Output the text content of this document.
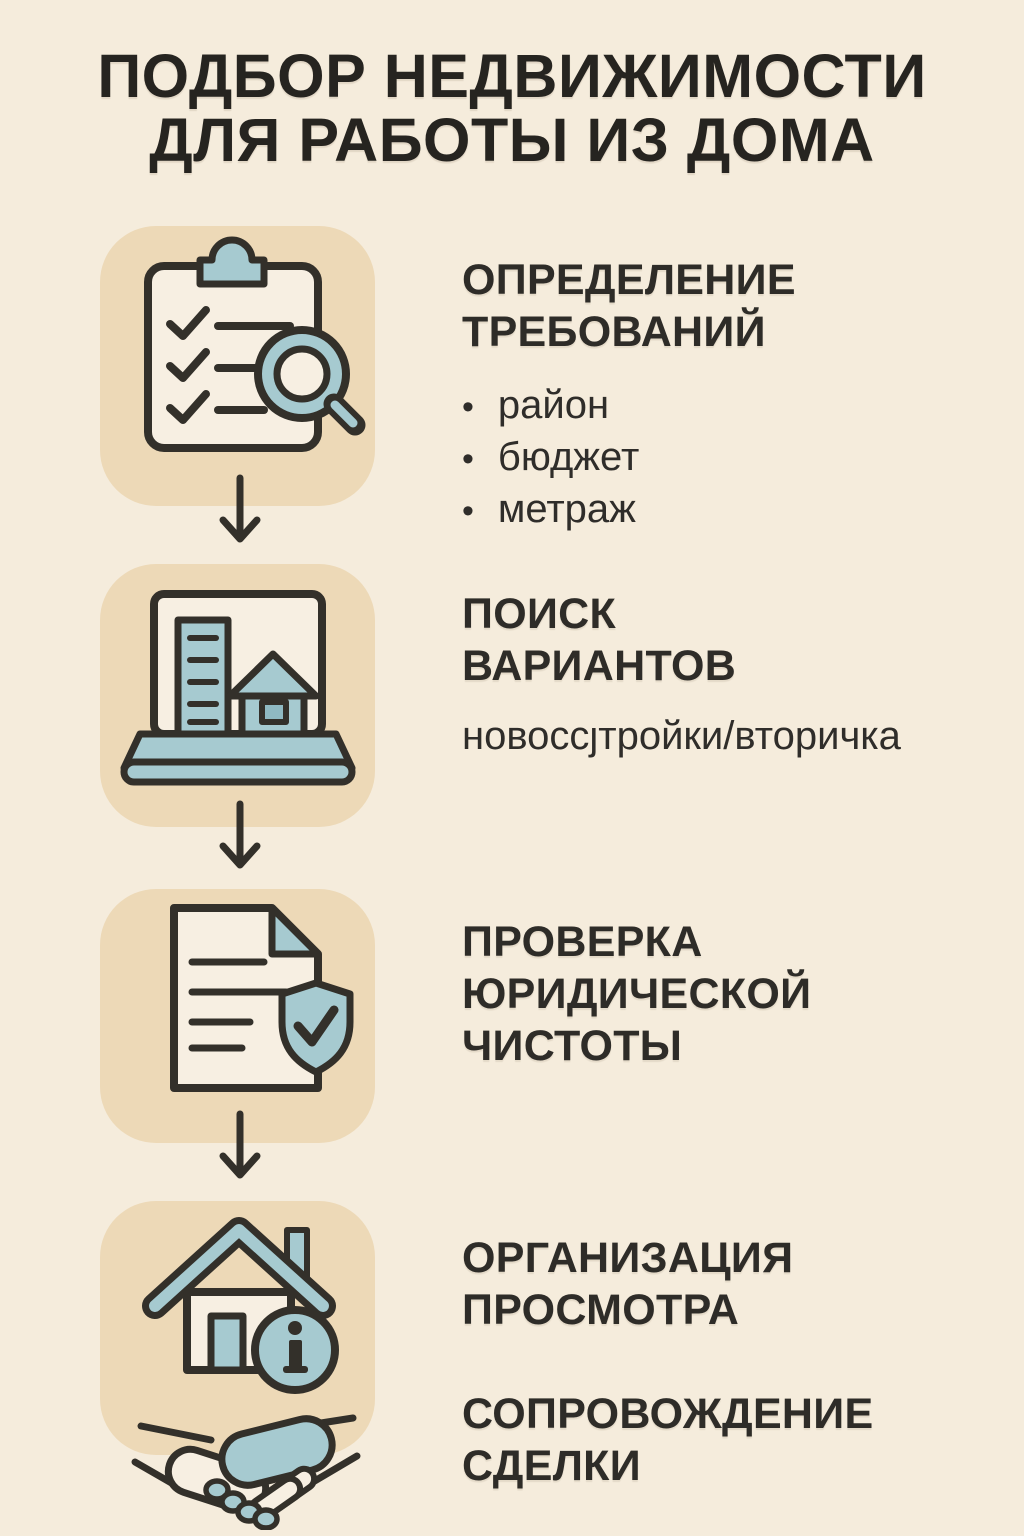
ПОДБОР НЕДВИЖИМОСТИ
ДЛЯ РАБОТЫ ИЗ ДОМА
ОПРЕДЕЛЕНИЕ
ТРЕБОВАНИЙ
• район
• бюджет
• метраж
ПОИСК
ВАРИАНТОВ
новоссȷтройки/вторичка
ПРОВЕРКА
ЮРИДИЧЕСКОЙ
ЧИСТОТЫ
ОРГАНИЗАЦИЯ
ПРОСМОТРА
СОПРОВОЖДЕНИЕ
СДЕЛКИ
